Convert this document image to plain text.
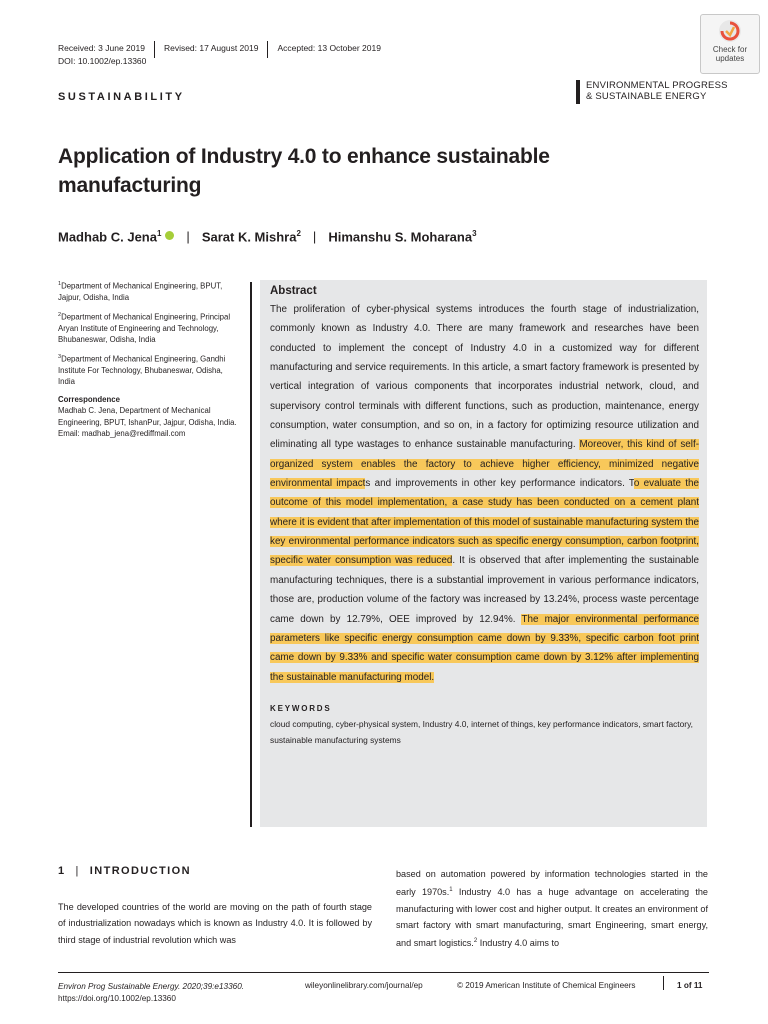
Received: 3 June 2019 Revised: 17 August 2019 Accepted: 13 October 2019
DOI: 10.1002/ep.13360
SUSTAINABILITY
ENVIRONMENTAL PROGRESS
& SUSTAINABLE ENERGY
Check for
updates
Application of Industry 4.0 to enhance sustainable manufacturing
Madhab C. Jena$^1$ | Sarat K. Mishra$^2$ | Himanshu S. Moharana$^3$

$^1$Department of Mechanical Engineering, BPUT, Jajpur, Odisha, India

$^2$Department of Mechanical Engineering, Principal Aryan Institute of Engineering and Technology, Bhubaneswar, Odisha, India

$^3$Department of Mechanical Engineering, Gandhi Institute For Technology, Bhubaneswar, Odisha, India

Correspondence
Madhab C. Jena, Department of Mechanical Engineering, BPUT, IshanPur, Jajpur, Odisha, India.
Email: madhab_jena@rediffmail.com
Abstract
The proliferation of cyber-physical systems introduces the fourth stage of industrialization, commonly known as Industry 4.0. There are many framework and researches have been conducted to implement the concept of Industry 4.0 in a customized way for different manufacturing and service requirements. In this article, a smart factory framework is presented by vertical integration of various components that incorporates industrial network, cloud, and supervisory control terminals with different functions, such as production, maintenance, energy consumption, water consumption, and so on, in a factory for optimizing resource utilization and eliminating all type wastages to enhance sustainable manufacturing. Moreover, this kind of self-organized system enables the factory to achieve higher efficiency, minimized negative environmental impacts and improvements in other key performance indicators. To evaluate the outcome of this model implementation, a case study has been conducted on a cement plant where it is evident that after implementation of this model of sustainable manufacturing system the key environmental performance indicators such as specific energy consumption, carbon footprint, specific water consumption was reduced. It is observed that after implementing the sustainable manufacturing techniques, there is a substantial improvement in various performance indicators, those are, production volume of the factory was increased by 13.24%, process waste percentage came down by 12.79%, OEE improved by 12.94%. The major environmental performance parameters like specific energy consumption came down by 9.33%, specific carbon foot print came down by 9.33% and specific water consumption came down by 3.12% after implementing the sustainable manufacturing model.
KEYWORDS
cloud computing, cyber-physical system, Industry 4.0, internet of things, key performance indicators, smart factory, sustainable manufacturing systems
1 | INTRODUCTION
The developed countries of the world are moving on the path of fourth stage of industrialization nowadays which is known as Industry 4.0. It is followed by third stage of industrial revolution which was
based on automation powered by information technologies started in the early 1970s.$^1$ Industry 4.0 has a huge advantage on accelerating the manufacturing with lower cost and higher output. It creates an environment of smart factory with smart manufacturing, smart Engineering, smart energy, and smart logistics.$^2$ Industry 4.0 aims to
Environ Prog Sustainable Energy. 2020;39:e13360.
https://doi.org/10.1002/ep.13360
wileyonlinelibrary.com/journal/ep	© 2019 American Institute of Chemical Engineers	1 of 11
